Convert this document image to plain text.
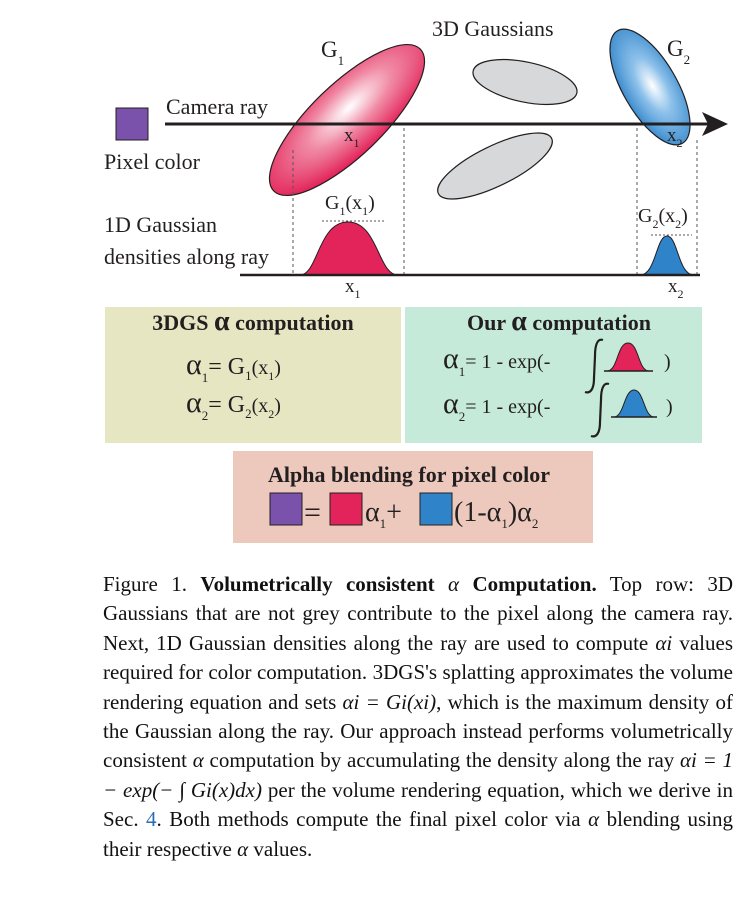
3D Gaussians
$G_1$	$G_2$
Camera ray
Pixel color
$x_1$	$x_2$
1D Gaussian
densities along ray
$G_1(x_1)$
$G_2(x_2)$
$x_1$	$x_2$
3DGS α computation
$\alpha_1= G_1^{(x}_1^)$
$\alpha_2= G_2^{(x}_2^)$
Our α computation
$\alpha_1= 1 - \exp(-$	)
$\alpha_2= 1 - \exp(-$	)
Alpha blending for pixel color
= $\alpha_1+ (1-\alpha_1)\alpha_2$
Figure 1. Volumetrically consistent α Computation. Top row: 3D Gaussians that are not grey contribute to the pixel along the camera ray. Next, 1D Gaussian densities along the ray are used to compute αi values required for color computation. 3DGS's splatting approximates the volume rendering equation and sets αi = Gi(xi), which is the maximum density of the Gaussian along the ray. Our approach instead performs volumetrically consistent α computation by accumulating the density along the ray αi = 1 − exp(− ∫ Gi(x)dx) per the volume rendering equation, which we derive in Sec. 4. Both methods compute the final pixel color via α blending using their respective α values.
